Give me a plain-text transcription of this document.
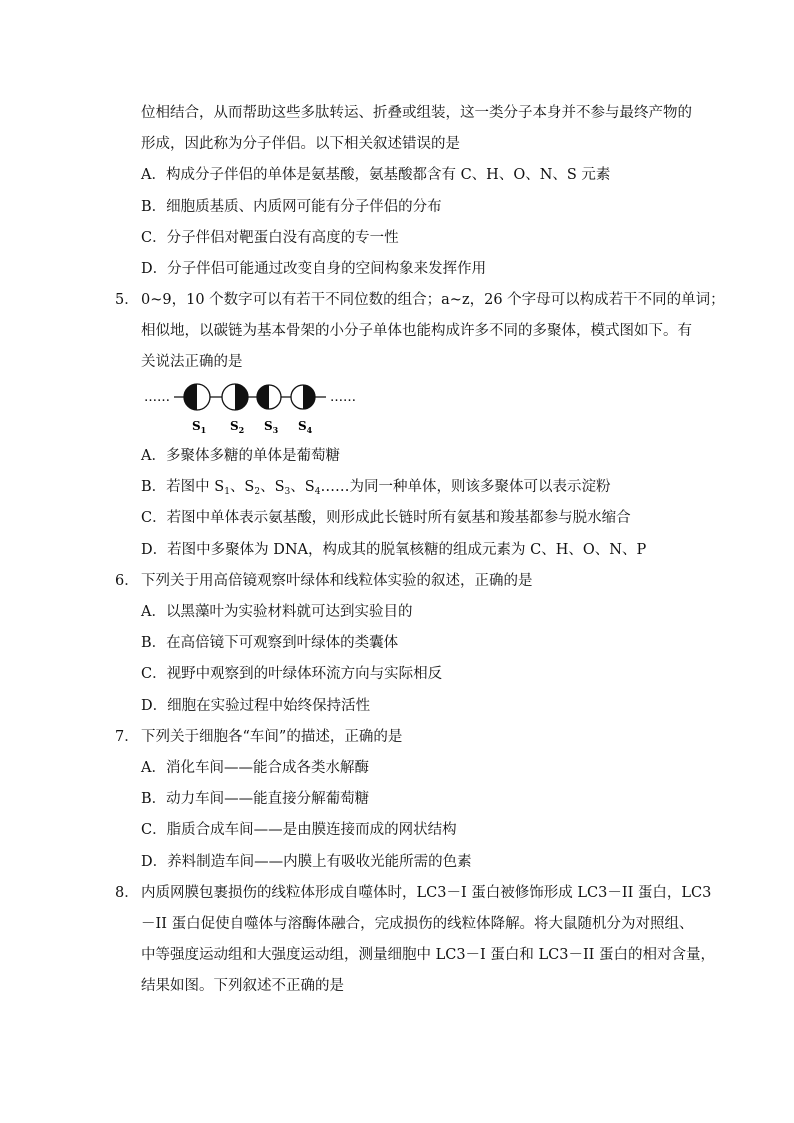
位相结合，从而帮助这些多肽转运、折叠或组装，这一类分子本身并不参与最终产物的
形成，因此称为分子伴侣。以下相关叙述错误的是
A．构成分子伴侣的单体是氨基酸，氨基酸都含有 C、H、O、N、S 元素
B．细胞质基质、内质网可能有分子伴侣的分布
C．分子伴侣对靶蛋白没有高度的专一性
D．分子伴侣可能通过改变自身的空间构象来发挥作用
5． 0~9，10 个数字可以有若干不同位数的组合；a~z，26 个字母可以构成若干不同的单词；
相似地，以碳链为基本骨架的小分子单体也能构成许多不同的多聚体，模式图如下。有
关说法正确的是
……	……
$S_1$ $S_2$ $S_3$ $S_4$
A．多聚体多糖的单体是葡萄糖
B．若图中 $S_1$、$S_2$、$S_3$、$S_4\dots\dots$为同一种单体，则该多聚体可以表示淀粉
C．若图中单体表示氨基酸，则形成此长链时所有氨基和羧基都参与脱水缩合
D．若图中多聚体为 DNA，构成其的脱氧核糖的组成元素为 C、H、O、N、P
6． 下列关于用高倍镜观察叶绿体和线粒体实验的叙述，正确的是
A．以黑藻叶为实验材料就可达到实验目的
B．在高倍镜下可观察到叶绿体的类囊体
C．视野中观察到的叶绿体环流方向与实际相反
D．细胞在实验过程中始终保持活性
7． 下列关于细胞各“车间”的描述，正确的是
A．消化车间——能合成各类水解酶
B．动力车间——能直接分解葡萄糖
C．脂质合成车间——是由膜连接而成的网状结构
D．养料制造车间——内膜上有吸收光能所需的色素
8． 内质网膜包裹损伤的线粒体形成自噬体时，LC3－I 蛋白被修饰形成 LC3－II 蛋白，LC3
－II 蛋白促使自噬体与溶酶体融合，完成损伤的线粒体降解。将大鼠随机分为对照组、
中等强度运动组和大强度运动组，测量细胞中 LC3－I 蛋白和 LC3－II 蛋白的相对含量，
结果如图。下列叙述不正确的是
